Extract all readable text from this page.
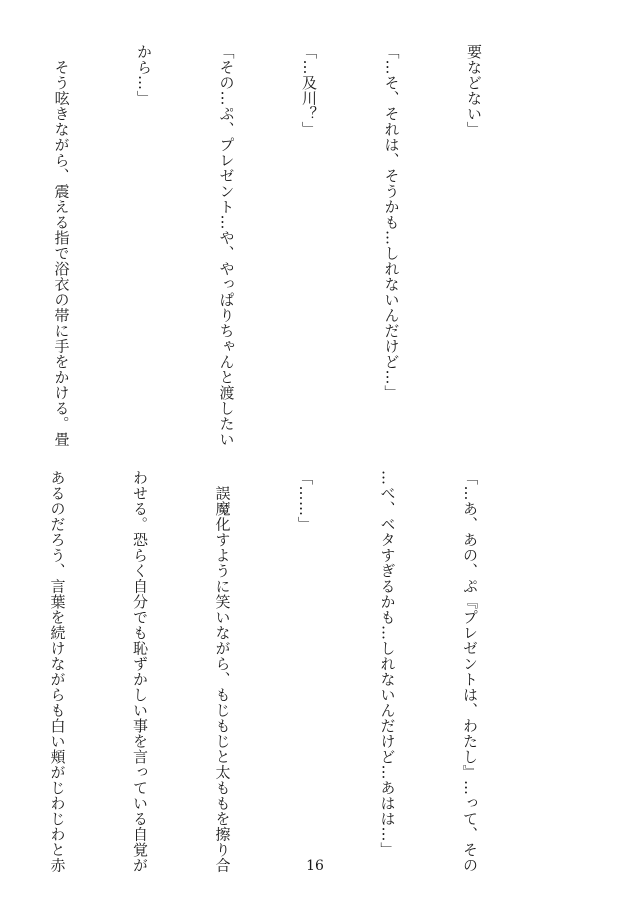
要などない」

「…そ、それは、そうかも…しれないんだけど…」

「…及川？」

「その…ぷ、プレゼント…や、やっぱりちゃんと渡したい

から…」

　そう呟きながら、震える指で浴衣の帯に手をかける。畳

「…あ、あの、ぷ『プレゼントは、わたし』…って、その

…べ、ベタすぎるかも…しれないんだけど…あはは…」

「……」

　誤魔化すように笑いながら、もじもじと太ももを擦り合

わせる。恐らく自分でも恥ずかしい事を言っている自覚が

あるのだろう、言葉を続けながらも白い頬がじわじわと赤

	16
